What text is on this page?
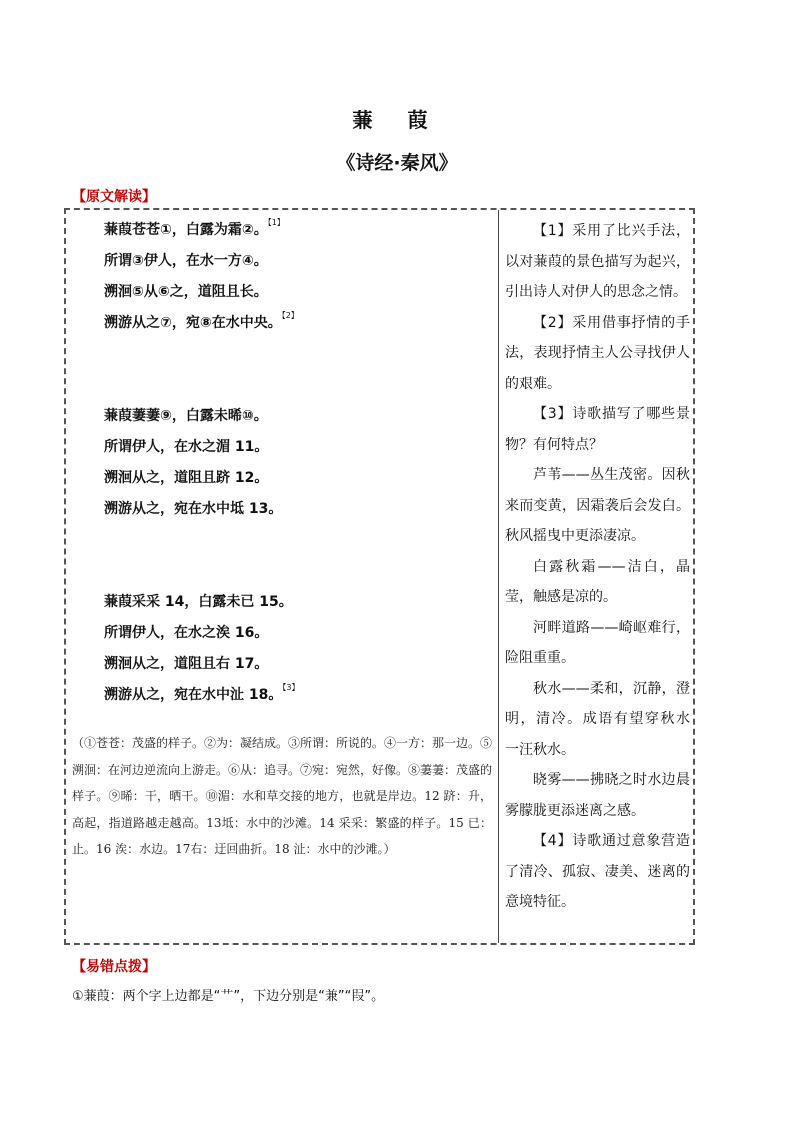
蒹 葭
《诗经·秦风》
【原文解读】
蒹葭苍苍①，白露为霜②。$^{【1】}$
所谓③伊人，在水一方④。
溯洄⑤从⑥之，道阻且长。
溯游从之⑦，宛⑧在水中央。$^{【2】}$
蒹葭萋萋⑨，白露未晞⑩。
所谓伊人，在水之湄 11。
溯洄从之，道阻且跻 12。
溯游从之，宛在水中坻 13。
蒹葭采采 14，白露未已 15。
所谓伊人，在水之涘 16。
溯洄从之，道阻且右 17。
溯游从之，宛在水中沚 18。$^{【3】}$
（①苍苍：茂盛的样子。②为：凝结成。③所谓：所说的。④一方：那一边。⑤溯洄：在河边逆流向上游走。⑥从：追寻。⑦宛：宛然，好像。⑧萋萋：茂盛的样子。⑨晞：干，晒干。⑩湄：水和草交接的地方，也就是岸边。12 跻：升，高起，指道路越走越高。13坻：水中的沙滩。14 采采：繁盛的样子。15 已：止。16 涘：水边。17右：迂回曲折。18 沚：水中的沙滩。）

【1】采用了比兴手法，以对蒹葭的景色描写为起兴，引出诗人对伊人的思念之情。

【2】采用借事抒情的手法，表现抒情主人公寻找伊人的艰难。

【3】诗歌描写了哪些景物？有何特点？

芦苇——丛生茂密。因秋来而变黄，因霜袭后会发白。秋风摇曳中更添凄凉。

白露秋霜——洁白，晶莹，触感是凉的。

河畔道路——崎岖难行，险阻重重。

秋水——柔和，沉静，澄明，清冷。成语有望穿秋水 一汪秋水。

晓雾——拂晓之时水边晨雾朦胧更添迷离之感。

【4】诗歌通过意象营造了清冷、孤寂、凄美、迷离的意境特征。

【易错点拨】
①蒹葭：两个字上边都是“艹”，下边分别是“兼”“叚”。
